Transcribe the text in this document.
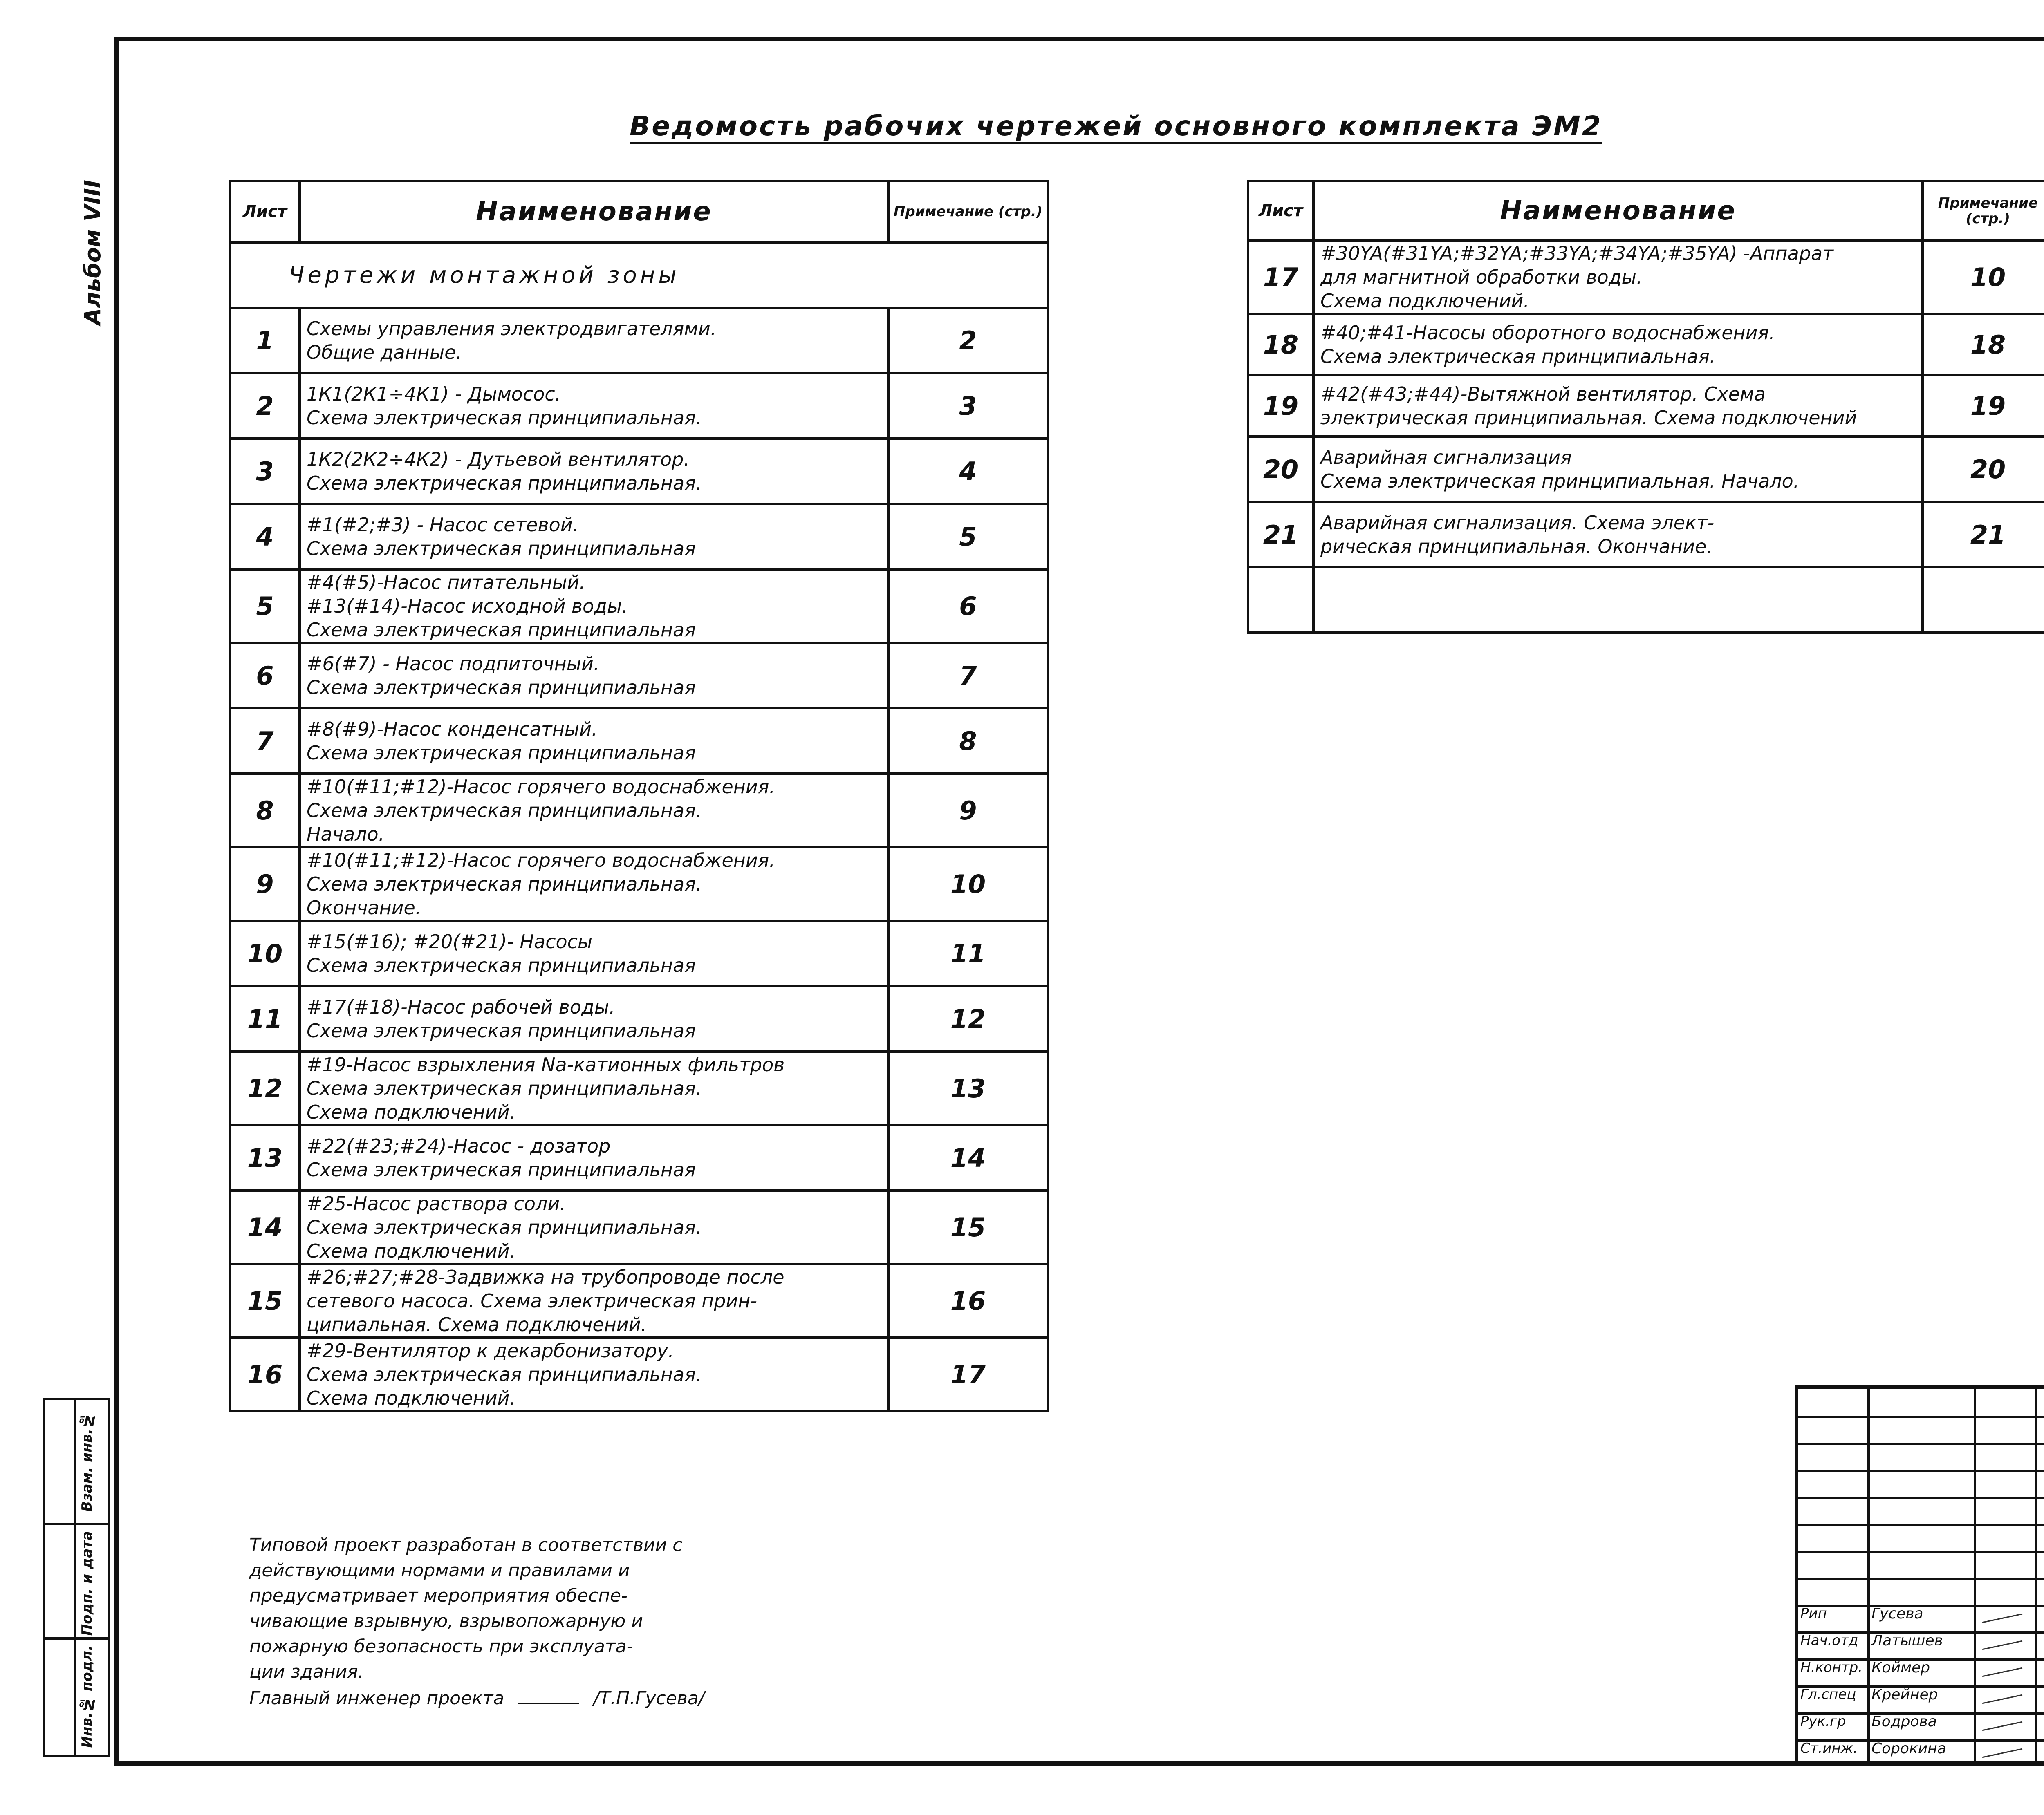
Альбом VIII
Инв.№ подл.
Подп. и дата
Взам. инв.№
Ведомость рабочих чертежей основного комплекта ЭМ2
Лист	Наименование	Примечание (стр.)
Чертежи монтажной зоны		
1	Схемы управления электродвигателями.
Общие данные.	2
2	1К1(2К1÷4К1) - Дымосос.
Схема электрическая принципиальная.	3
3	1К2(2К2÷4К2) - Дутьевой вентилятор.
Схема электрическая принципиальная.	4
4	#1(#2;#3) - Насос сетевой.
Схема электрическая принципиальная	5
5	#4(#5)-Насос питательный.
#13(#14)-Насос исходной воды.
Схема электрическая принципиальная	6
6	#6(#7) - Насос подпиточный.
Схема электрическая принципиальная	7
7	#8(#9)-Насос конденсатный.
Схема электрическая принципиальная	8
8	#10(#11;#12)-Насос горячего водоснабжения.
Схема электрическая принципиальная.
Начало.	9
9	#10(#11;#12)-Насос горячего водоснабжения.
Схема электрическая принципиальная.
Окончание.	10
10	#15(#16); #20(#21)- Насосы
Схема электрическая принципиальная	11
11	#17(#18)-Насос рабочей воды.
Схема электрическая принципиальная	12
12	#19-Насос взрыхления Na-катионных фильтров
Схема электрическая принципиальная.
Схема подключений.	13
13	#22(#23;#24)-Насос - дозатор
Схема электрическая принципиальная	14
14	#25-Насос раствора соли.
Схема электрическая принципиальная.
Схема подключений.	15
15	#26;#27;#28-Задвижка на трубопроводе после
сетевого насоса. Схема электрическая прин-
ципиальная. Схема подключений.	16
16	#29-Вентилятор к декарбонизатору.
Схема электрическая принципиальная.
Схема подключений.	17
Лист	Наименование	Примечание (стр.)
17	#30YA(#31YA;#32YA;#33YA;#34YA;#35YA) -Аппарат
для магнитной обработки воды.
Схема подключений.	10
18	#40;#41-Насосы оборотного водоснабжения.
Схема электрическая принципиальная.	18
19	#42(#43;#44)-Вытяжной вентилятор. Схема
электрическая принципиальная. Схема подключений	19
20	Аварийная сигнализация
Схема электрическая принципиальная. Начало.	20
21	Аварийная сигнализация. Схема элект-
рическая принципиальная. Окончание.	21

Типовой проект разработан в соответствии с
действующими нормами и правилами и
предусматривает мероприятия обеспе-
чивающие взрывную, взрывопожарную и
пожарную безопасность при эксплуата-
ции здания.
Главный инженер проекта	/Т.П.Гусева/
Рип	Гусева
Нач.отд Латышев
Н.контр. Коймер
Гл.спец Крейнер
Рук.гр Бодрова
Ст.инж. Сорокина
